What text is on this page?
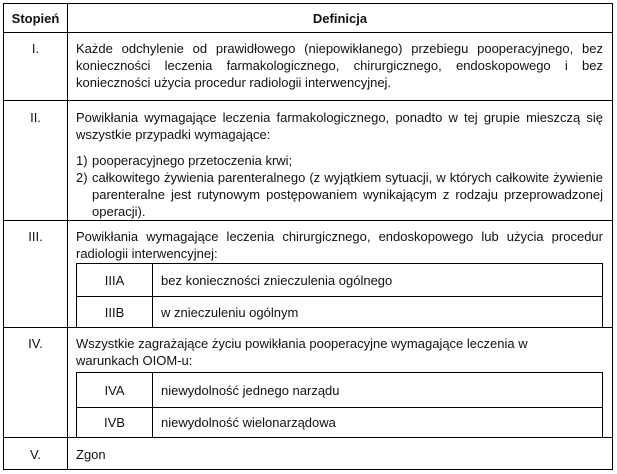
Stopień	Definicja
I.	Każde odchylenie od prawidłowego (niepowikłanego) przebiegu pooperacyjnego, bez konieczności leczenia farmakologicznego, chirurgicznego, endoskopowego i bez konieczności użycia procedur radiologii interwencyjnej.
II.	Powikłania wymagające leczenia farmakologicznego, ponadto w tej grupie mieszczą się wszystkie przypadki wymagające:
1) pooperacyjnego przetoczenia krwi;
2) całkowitego żywienia parenteralnego (z wyjątkiem sytuacji, w których całkowite żywienie parenteralne jest rutynowym postępowaniem wynikającym z rodzaju przeprowadzonej operacji).
III.	Powikłania wymagające leczenia chirurgicznego, endoskopowego lub użycia procedur radiologii interwencyjnej:
IIIA	bez konieczności znieczulenia ogólnego
IIIB	w znieczuleniu ogólnym
IV.	Wszystkie zagrażające życiu powikłania pooperacyjne wymagające leczenia w warunkach OIOM-u:
IVA	niewydolność jednego narządu
IVB	niewydolność wielonarządowa
V.	Zgon
